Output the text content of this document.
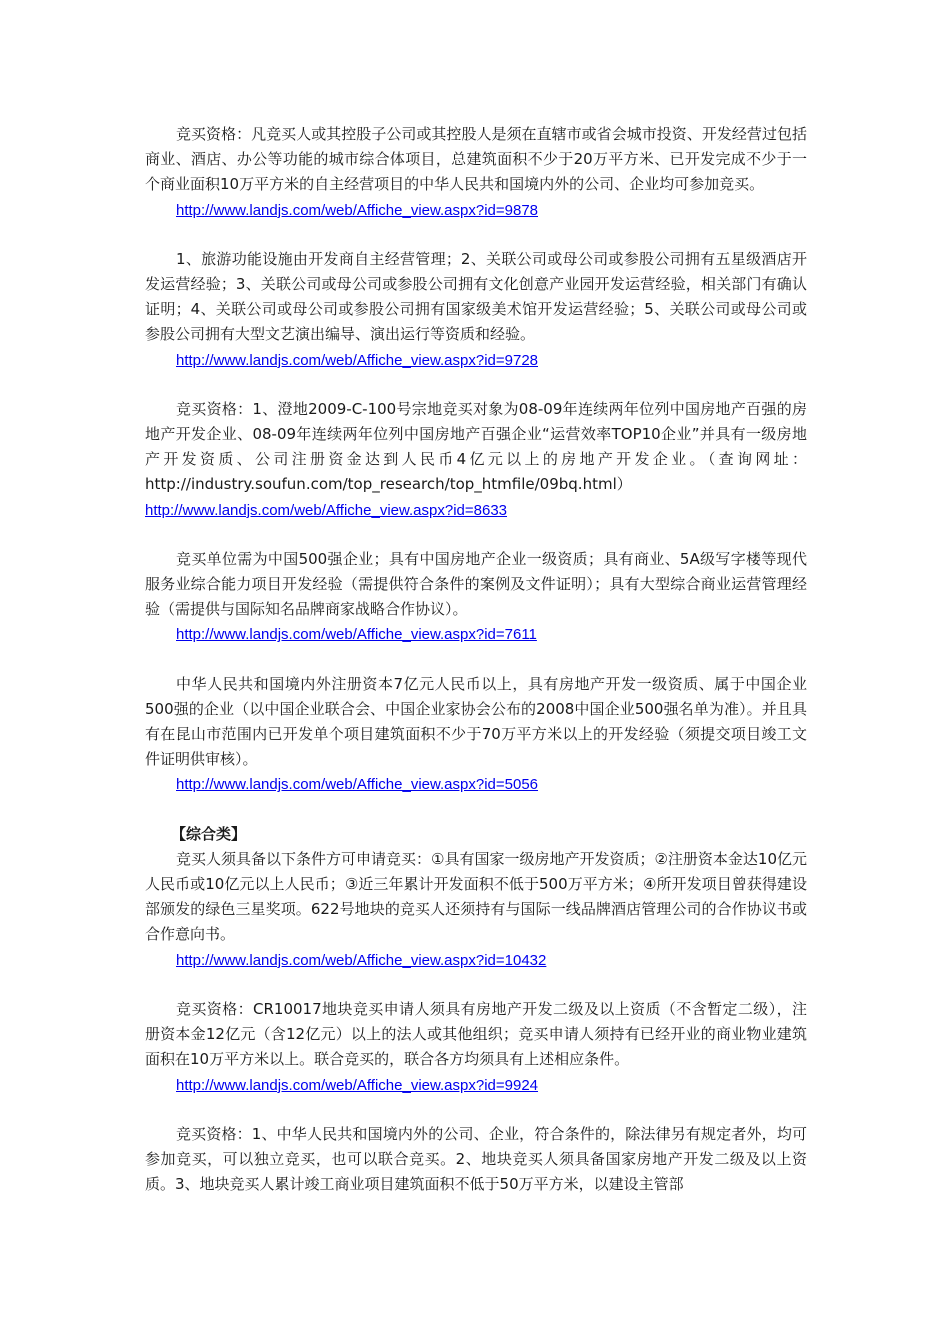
竞买资格：凡竞买人或其控股子公司或其控股人是须在直辖市或省会城市投资、开发经营过包括商业、酒店、办公等功能的城市综合体项目，总建筑面积不少于20万平方米、已开发完成不少于一个商业面积10万平方米的自主经营项目的中华人民共和国境内外的公司、企业均可参加竞买。

http://www.landjs.com/web/Affiche_view.aspx?id=9878

1、旅游功能设施由开发商自主经营管理；2、关联公司或母公司或参股公司拥有五星级酒店开发运营经验；3、关联公司或母公司或参股公司拥有文化创意产业园开发运营经验，相关部门有确认证明；4、关联公司或母公司或参股公司拥有国家级美术馆开发运营经验；5、关联公司或母公司或参股公司拥有大型文艺演出编导、演出运行等资质和经验。

http://www.landjs.com/web/Affiche_view.aspx?id=9728

竞买资格：1、澄地2009-C-100号宗地竞买对象为08-09年连续两年位列中国房地产百强的房地产开发企业、08-09年连续两年位列中国房地产百强企业“运营效率TOP10企业”并具有一级房地产开发资质、公司注册资金达到人民币4亿元以上的房地产开发企业。（查询网址：http://industry.soufun.com/top_research/top_htmfile/09bq.html）

http://www.landjs.com/web/Affiche_view.aspx?id=8633

竞买单位需为中国500强企业；具有中国房地产企业一级资质；具有商业、5A级写字楼等现代服务业综合能力项目开发经验（需提供符合条件的案例及文件证明）；具有大型综合商业运营管理经验（需提供与国际知名品牌商家战略合作协议）。

http://www.landjs.com/web/Affiche_view.aspx?id=7611

中华人民共和国境内外注册资本7亿元人民币以上，具有房地产开发一级资质、属于中国企业500强的企业（以中国企业联合会、中国企业家协会公布的2008中国企业500强名单为准）。并且具有在昆山市范围内已开发单个项目建筑面积不少于70万平方米以上的开发经验（须提交项目竣工文件证明供审核）。

http://www.landjs.com/web/Affiche_view.aspx?id=5056

【综合类】

竞买人须具备以下条件方可申请竞买：①具有国家一级房地产开发资质；②注册资本金达10亿元人民币或10亿元以上人民币；③近三年累计开发面积不低于500万平方米；④所开发项目曾获得建设部颁发的绿色三星奖项。622号地块的竞买人还须持有与国际一线品牌酒店管理公司的合作协议书或合作意向书。

http://www.landjs.com/web/Affiche_view.aspx?id=10432

竞买资格：CR10017地块竞买申请人须具有房地产开发二级及以上资质（不含暂定二级），注册资本金12亿元（含12亿元）以上的法人或其他组织；竞买申请人须持有已经开业的商业物业建筑面积在10万平方米以上。联合竞买的，联合各方均须具有上述相应条件。

http://www.landjs.com/web/Affiche_view.aspx?id=9924

竞买资格：1、中华人民共和国境内外的公司、企业，符合条件的，除法律另有规定者外，均可参加竞买，可以独立竞买，也可以联合竞买。2、地块竞买人须具备国家房地产开发二级及以上资质。3、地块竞买人累计竣工商业项目建筑面积不低于50万平方米，以建设主管部
